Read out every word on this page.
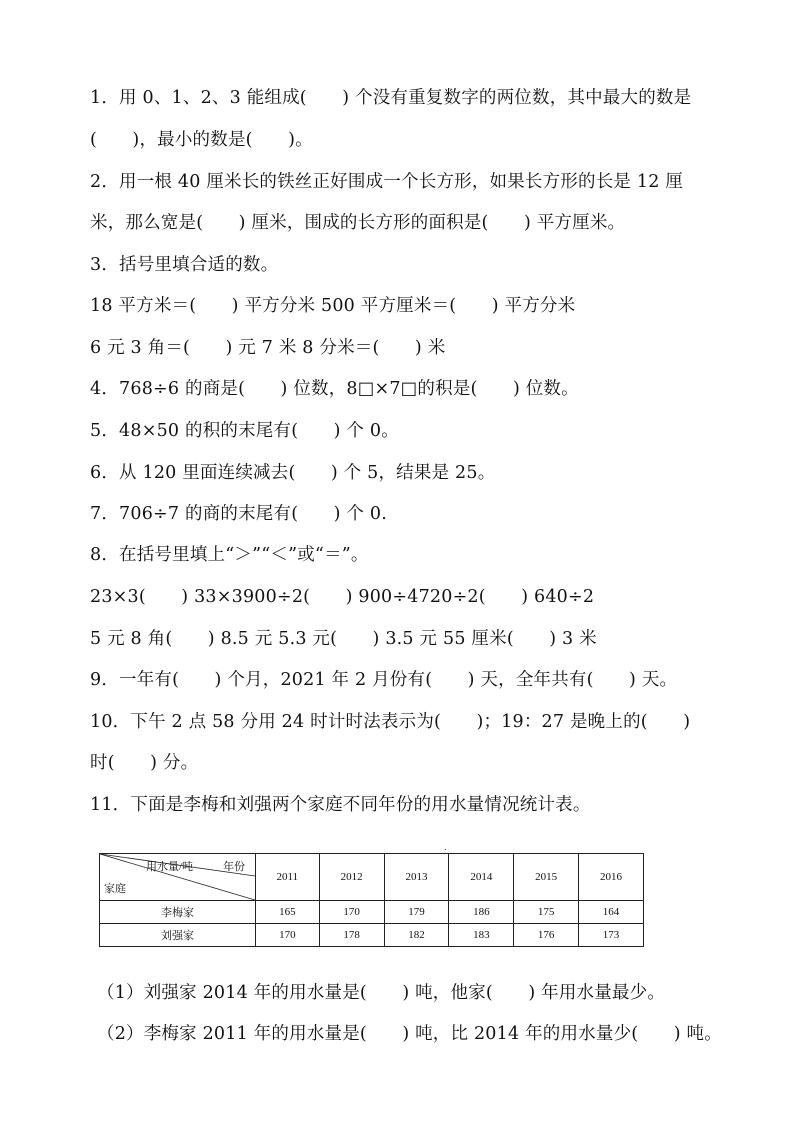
1．用 0、1、2、3 能组成(　　) 个没有重复数字的两位数，其中最大的数是
(　　)，最小的数是(　　)。
2．用一根 40 厘米长的铁丝正好围成一个长方形，如果长方形的长是 12 厘
米，那么宽是(　　) 厘米，围成的长方形的面积是(　　) 平方厘米。
3．括号里填合适的数。
18 平方米＝(　　) 平方分米 500 平方厘米＝(　　) 平方分米
6 元 3 角＝(　　) 元 7 米 8 分米＝(　　) 米
4．768÷6 的商是(　　) 位数，8□×7□的积是(　　) 位数。
5．48×50 的积的末尾有(　　) 个 0。
6．从 120 里面连续减去(　　) 个 5，结果是 25。
7．706÷7 的商的末尾有(　　) 个 0.
8．在括号里填上“＞”“＜”或“＝”。
23×3(　　) 33×3900÷2(　　) 900÷4720÷2(　　) 640÷2
5 元 8 角(　　) 8.5 元 5.3 元(　　) 3.5 元 55 厘米(　　) 3 米
9．一年有(　　) 个月，2021 年 2 月份有(　　) 天，全年共有(　　) 天。
10．下午 2 点 58 分用 24 时计时法表示为(　　)；19：27 是晚上的(　　)
时(　　) 分。
11．下面是李梅和刘强两个家庭不同年份的用水量情况统计表。
.
用水量/吨 年份
家庭	2011	2012	2013	2014	2015	2016
李梅家	165	170	179	186	175	164
刘强家	170	178	182	183	176	173
（1）刘强家 2014 年的用水量是(　　) 吨，他家(　　) 年用水量最少。
（2）李梅家 2011 年的用水量是(　　) 吨，比 2014 年的用水量少(　　) 吨。
